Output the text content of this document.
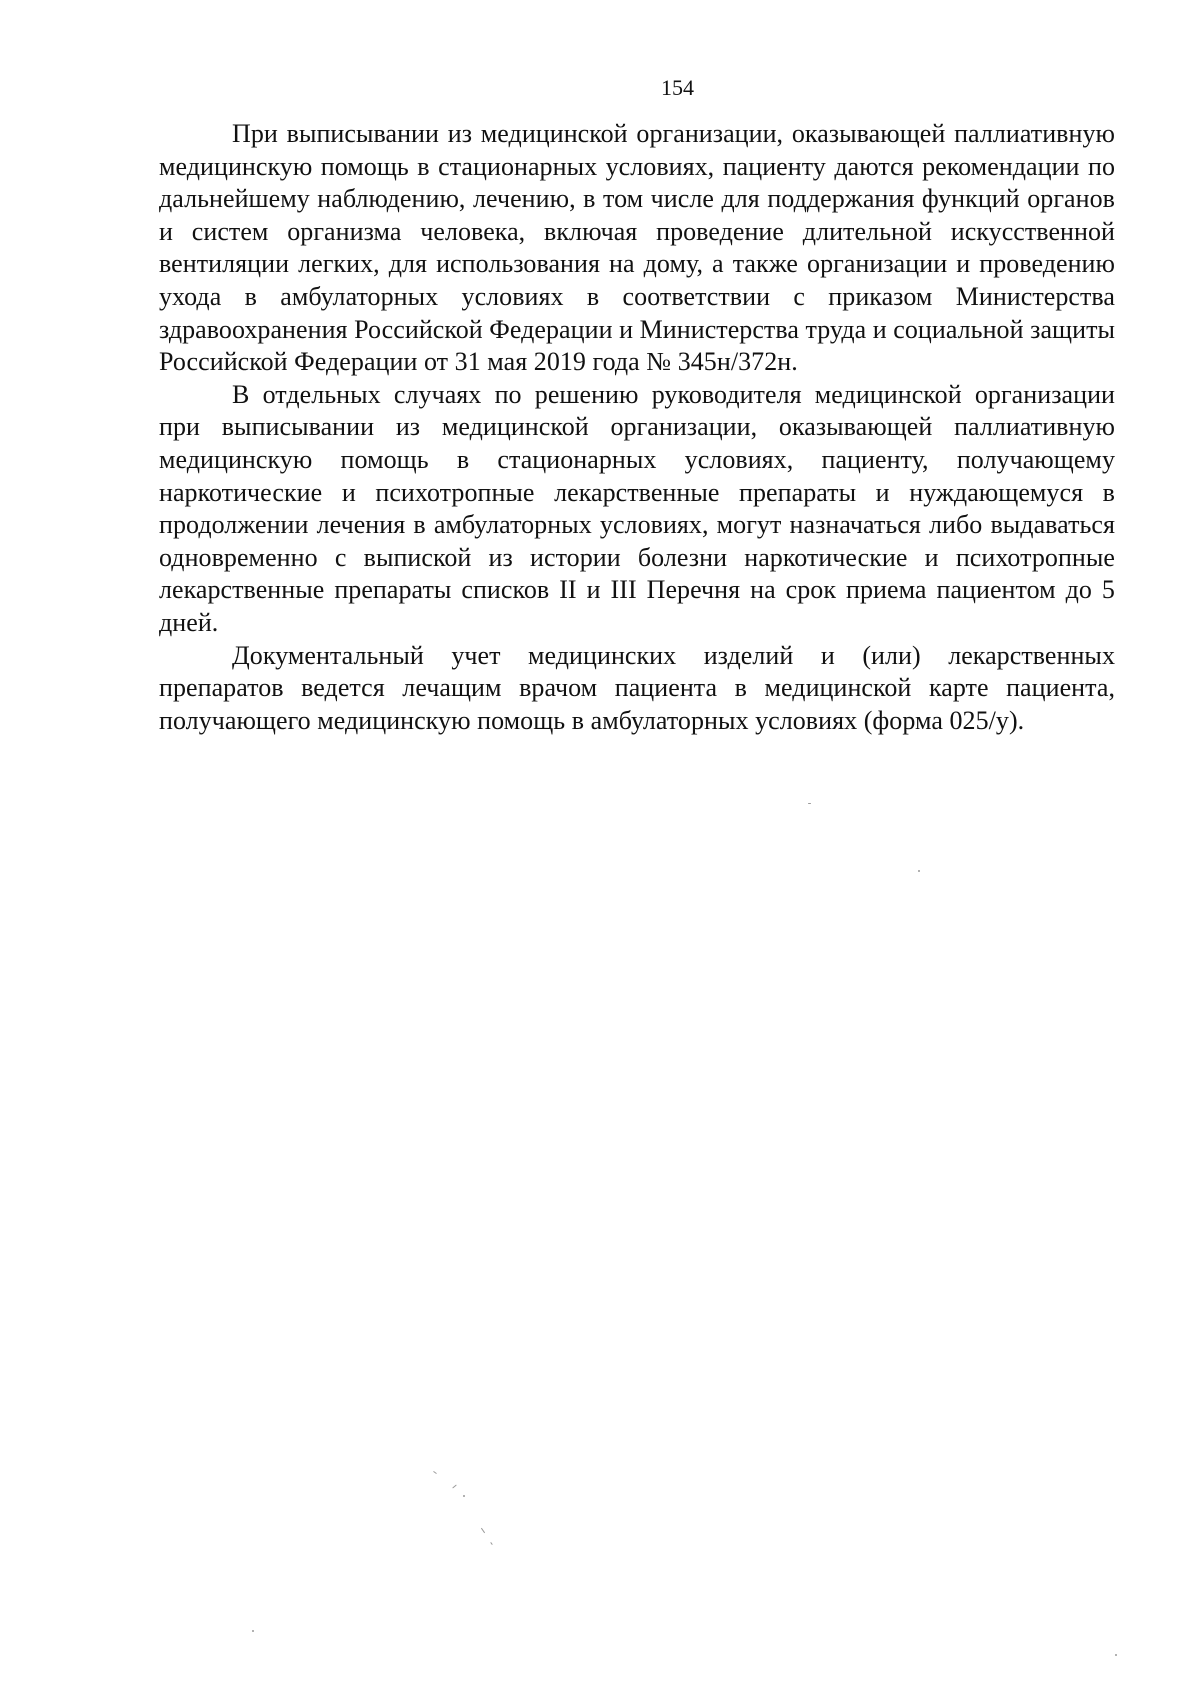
154

При выписывании из медицинской организации, оказывающей паллиативную медицинскую помощь в стационарных условиях, пациенту даются рекомендации по дальнейшему наблюдению, лечению, в том числе для поддержания функций органов и систем организма человека, включая проведение длительной искусственной вентиляции легких, для использования на дому, а также организации и проведению ухода в амбулаторных условиях в соответствии с приказом Министерства здравоохранения Российской Федерации и Министерства труда и социальной защиты Российской Федерации от 31 мая 2019 года № 345н/372н.

В отдельных случаях по решению руководителя медицинской организации при выписывании из медицинской организации, оказывающей паллиативную медицинскую помощь в стационарных условиях, пациенту, получающему наркотические и психотропные лекарственные препараты и нуждающемуся в продолжении лечения в амбулаторных условиях, могут назначаться либо выдаваться одновременно с выпиской из истории болезни наркотические и психотропные лекарственные препараты списков II и III Перечня на срок приема пациентом до 5 дней.

Документальный учет медицинских изделий и (или) лекарственных препаратов ведется лечащим врачом пациента в медицинской карте пациента, получающего медицинскую помощь в амбулаторных условиях (форма 025/у).
